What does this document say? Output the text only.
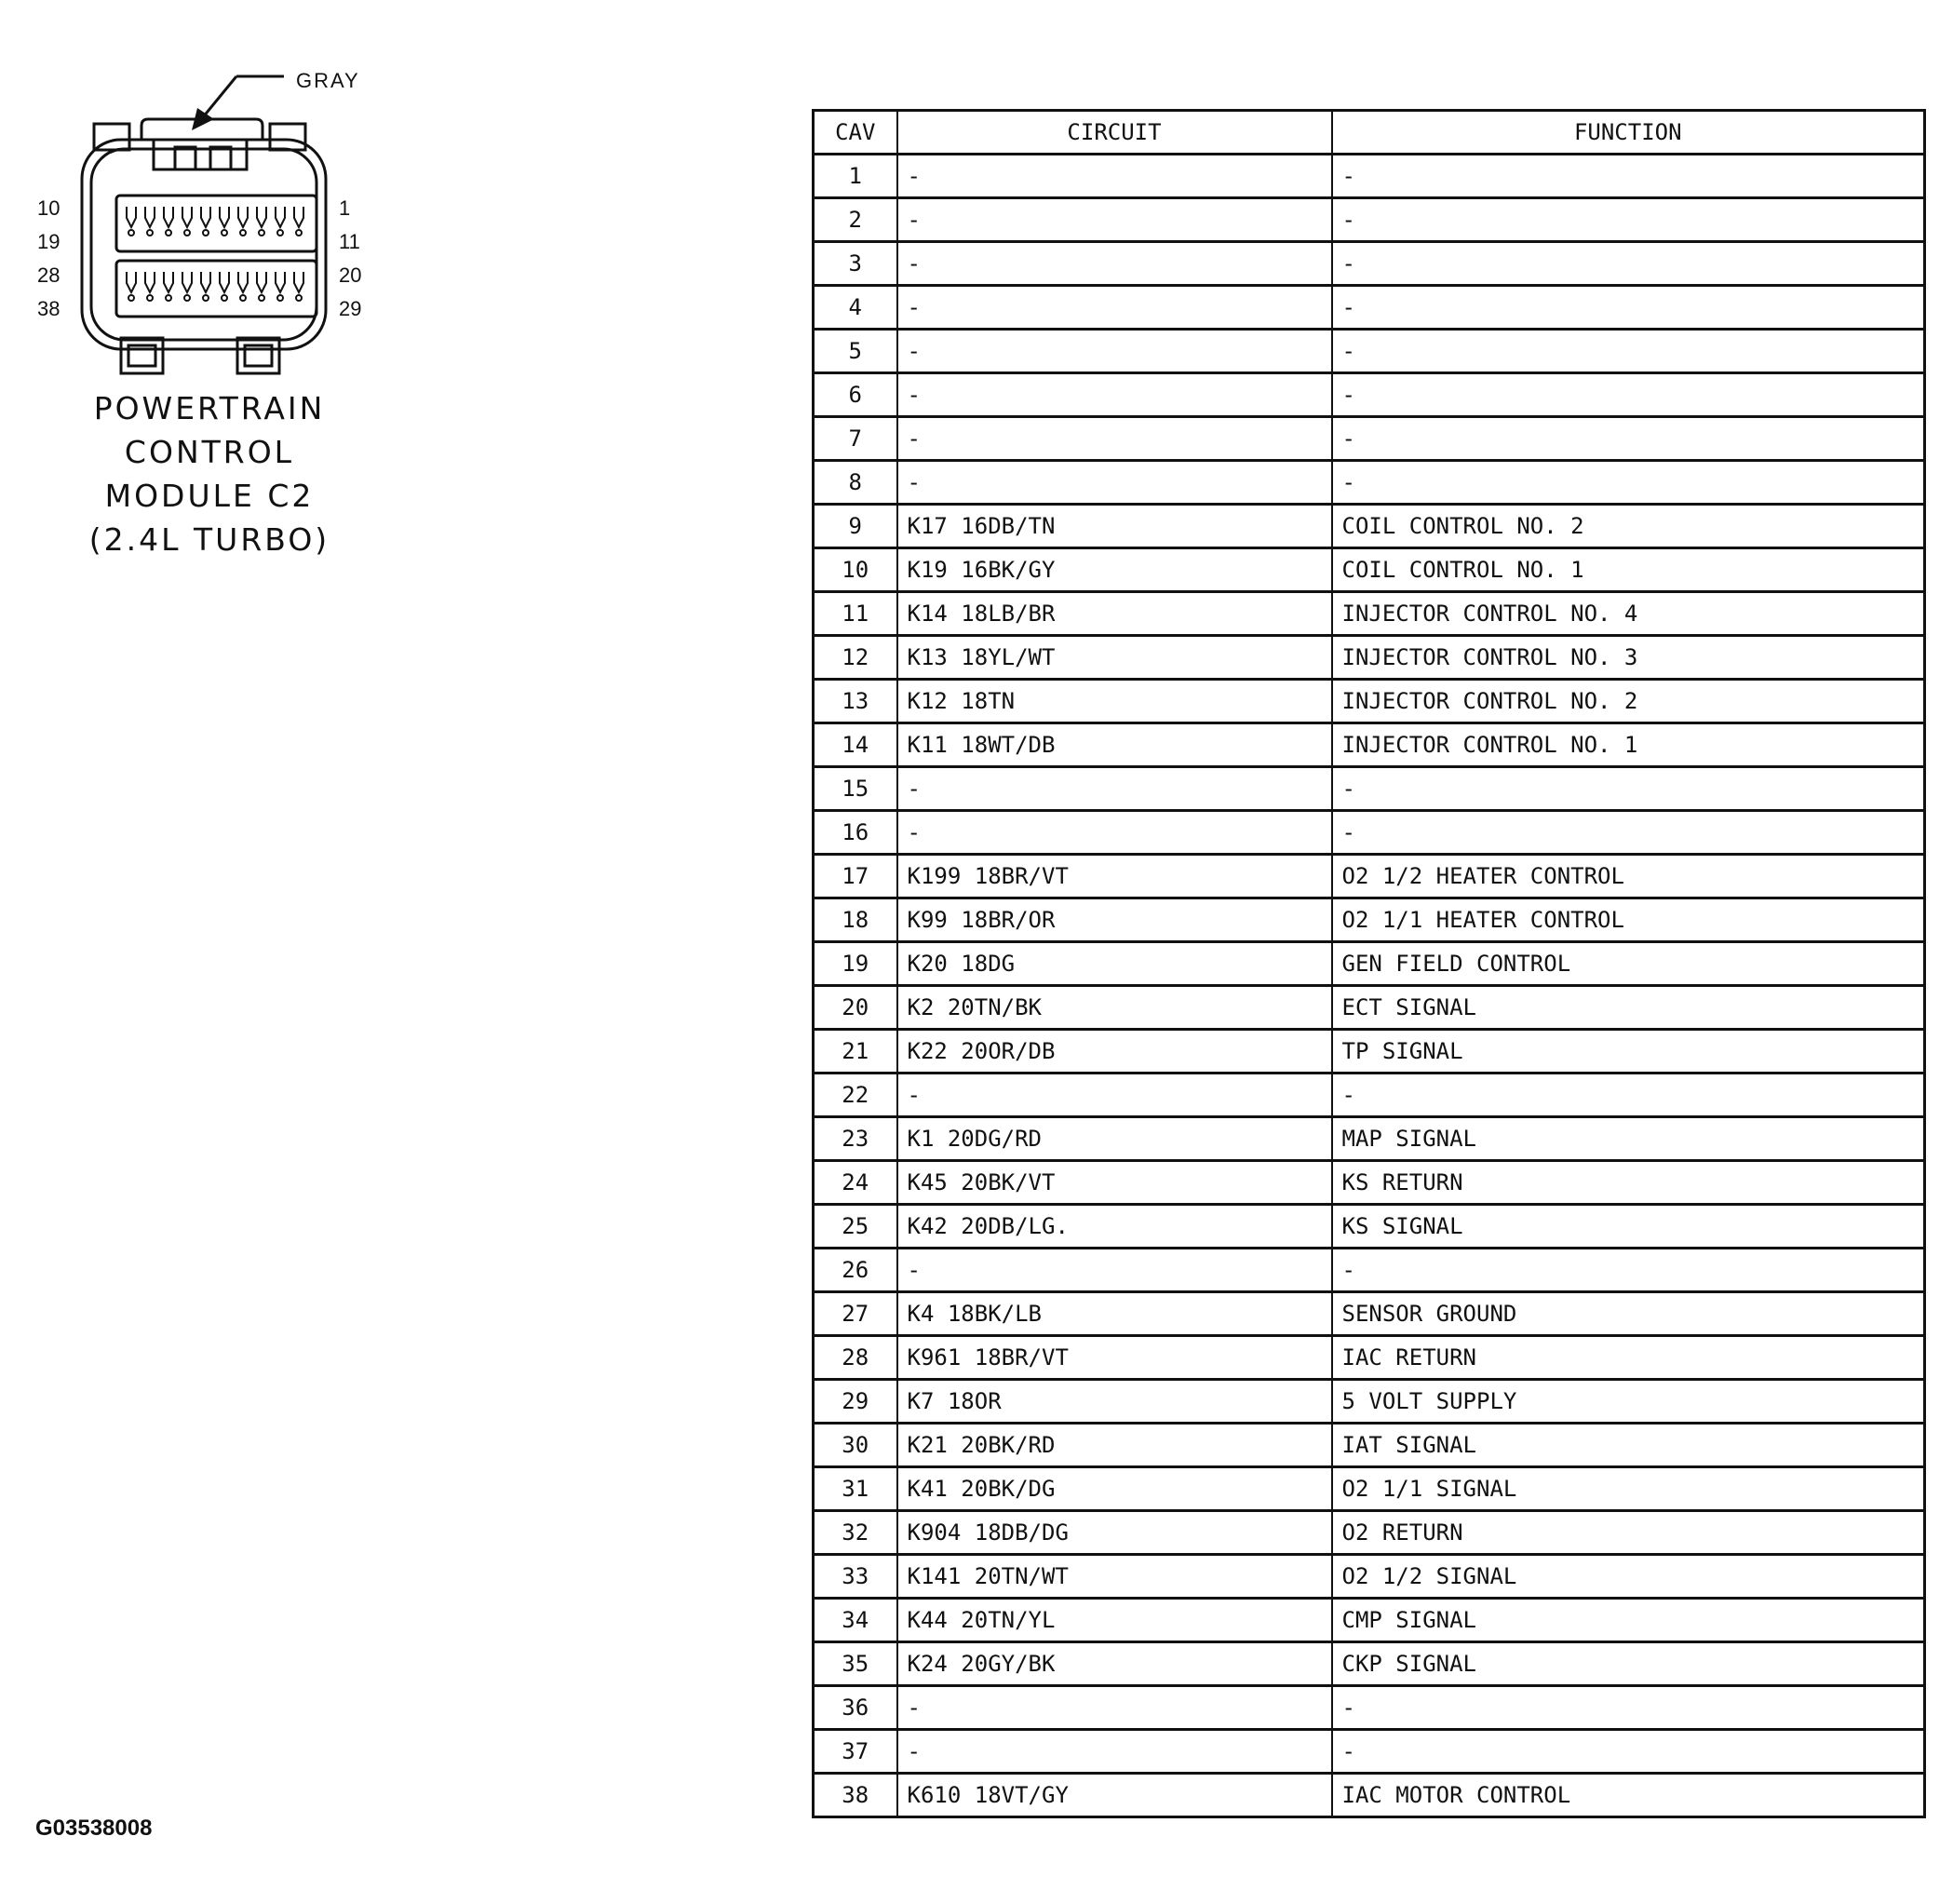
GRAY
10
19
28
38
1
11
20
29
POWERTRAIN
CONTROL
MODULE C2
(2.4L TURBO)
G03538008
CAV	CIRCUIT	FUNCTION
1	-	-
2	-	-
3	-	-
4	-	-
5	-	-
6	-	-
7	-	-
8	-	-
9	K17 16DB/TN	COIL CONTROL NO. 2
10	K19 16BK/GY	COIL CONTROL NO. 1
11	K14 18LB/BR	INJECTOR CONTROL NO. 4
12	K13 18YL/WT	INJECTOR CONTROL NO. 3
13	K12 18TN	INJECTOR CONTROL NO. 2
14	K11 18WT/DB	INJECTOR CONTROL NO. 1
15	-	-
16	-	-
17	K199 18BR/VT	O2 1/2 HEATER CONTROL
18	K99 18BR/OR	O2 1/1 HEATER CONTROL
19	K20 18DG	GEN FIELD CONTROL
20	K2 20TN/BK	ECT SIGNAL
21	K22 20OR/DB	TP SIGNAL
22	-	-
23	K1 20DG/RD	MAP SIGNAL
24	K45 20BK/VT	KS RETURN
25	K42 20DB/LG.	KS SIGNAL
26	-	-
27	K4 18BK/LB	SENSOR GROUND
28	K961 18BR/VT	IAC RETURN
29	K7 18OR	5 VOLT SUPPLY
30	K21 20BK/RD	IAT SIGNAL
31	K41 20BK/DG	O2 1/1 SIGNAL
32	K904 18DB/DG	O2 RETURN
33	K141 20TN/WT	O2 1/2 SIGNAL
34	K44 20TN/YL	CMP SIGNAL
35	K24 20GY/BK	CKP SIGNAL
36	-	-
37	-	-
38	K610 18VT/GY	IAC MOTOR CONTROL
